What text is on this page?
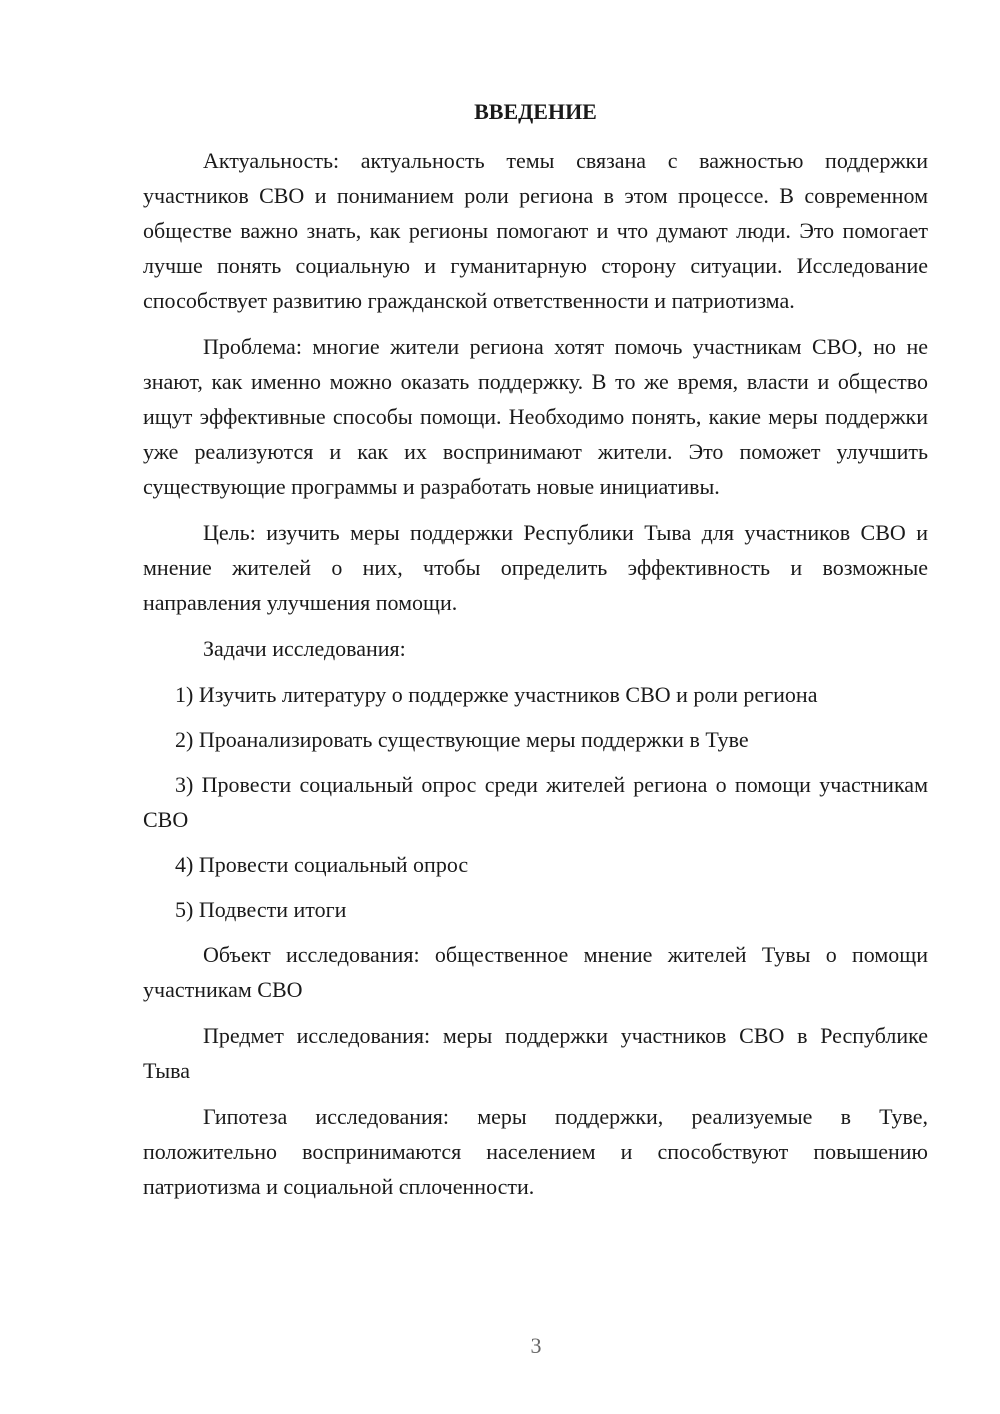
ВВЕДЕНИЕ

Актуальность: актуальность темы связана с важностью поддержки участников СВО и пониманием роли региона в этом процессе. В современном обществе важно знать, как регионы помогают и что думают люди. Это помогает лучше понять социальную и гуманитарную сторону ситуации. Исследование способствует развитию гражданской ответственности и патриотизма.

Проблема: многие жители региона хотят помочь участникам СВО, но не знают, как именно можно оказать поддержку. В то же время, власти и общество ищут эффективные способы помощи. Необходимо понять, какие меры поддержки уже реализуются и как их воспринимают жители. Это поможет улучшить существующие программы и разработать новые инициативы.

Цель: изучить меры поддержки Республики Тыва для участников СВО и мнение жителей о них, чтобы определить эффективность и возможные направления улучшения помощи.

Задачи исследования:

1) Изучить литературу о поддержке участников СВО и роли региона

2) Проанализировать существующие меры поддержки в Туве

3) Провести социальный опрос среди жителей региона о помощи участникам СВО

4) Провести социальный опрос

5) Подвести итоги

Объект исследования: общественное мнение жителей Тувы о помощи участникам СВО

Предмет исследования: меры поддержки участников СВО в Республике Тыва

Гипотеза исследования: меры поддержки, реализуемые в Туве, положительно воспринимаются населением и способствуют повышению патриотизма и социальной сплоченности.

3
